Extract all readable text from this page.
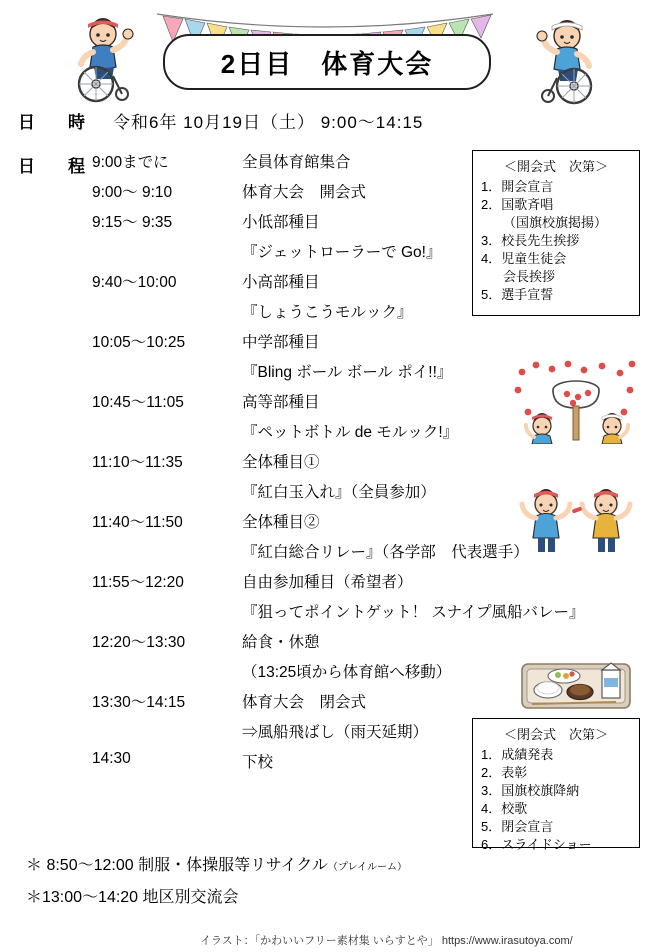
2日目　体育大会
日　時 令和6年 10月19日（土） 9:00〜14:15
日　程 9:00までに	全員体育館集合
9:00〜 9:10	体育大会　開会式
9:15〜 9:35	小低部種目
『ジェットローラーで Go!』
9:40〜10:00	小高部種目
『しょうこうモルック』
10:05〜10:25	中学部種目
『Bling ボール ボール ポイ!!』
10:45〜11:05	高等部種目
『ペットボトル de モルック!』
11:10〜11:35	全体種目①
『紅白玉入れ』（全員参加）
11:40〜11:50	全体種目②
『紅白総合リレー』（各学部　代表選手）
11:55〜12:20	自由参加種目（希望者）
『狙ってポイントゲット！ スナイプ風船バレー』
12:20〜13:30	給食・休憩
（13:25頃から体育館へ移動）
13:30〜14:15	体育大会　閉会式
⇒風船飛ばし（雨天延期）
14:30	下校
＜開会式　次第＞
1．開会宣言
2．国歌斉唱
（国旗校旗掲揚）
3．校長先生挨拶
4．児童生徒会
会長挨拶
5．選手宣誓
＜閉会式　次第＞
1．成績発表
2．表彰
3．国旗校旗降納
4．校歌
5．閉会宣言
6．スライドショー
＊ 8:50〜12:00 制服・体操服等リサイクル（プレイルーム）
＊13:00〜14:20 地区別交流会
イラスト：「かわいいフリー素材集 いらすとや」 https://www.irasutoya.com/
